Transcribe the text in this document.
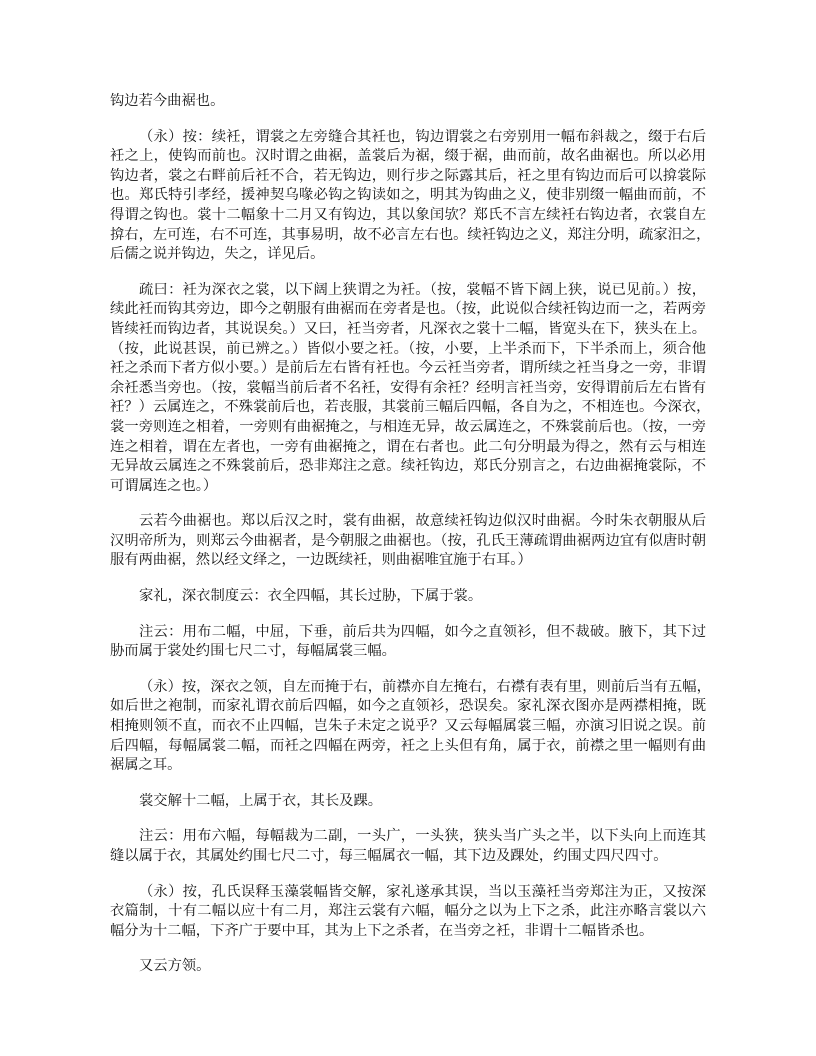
钩边若今曲裾也。
（永）按：续衽，谓裳之左旁缝合其衽也，钩边谓裳之右旁别用一幅布斜裁之，缀于右后
衽之上，使钩而前也。汉时谓之曲裾，盖裳后为裾，缀于裾，曲而前，故名曲裾也。所以必用
钩边者，裳之右畔前后衽不合，若无钩边，则行步之际露其后，衽之里有钩边而后可以揜裳际
也。郑氏特引孝经，援神契乌喙必钩之钩读如之，明其为钩曲之义，使非别缀一幅曲而前，不
得谓之钩也。裳十二幅象十二月又有钩边，其以象闰欤？郑氏不言左续衽右钩边者，衣裳自左
揜右，左可连，右不可连，其事易明，故不必言左右也。续衽钩边之义，郑注分明，疏家汨之，
后儒之说并钩边，失之，详见后。
疏曰：衽为深衣之裳，以下阔上狭谓之为衽。（按，裳幅不皆下阔上狭，说已见前。）按，
续此衽而钩其旁边，即今之朝服有曲裾而在旁者是也。（按，此说似合续衽钩边而一之，若两旁
皆续衽而钩边者，其说误矣。）又曰，衽当旁者，凡深衣之裳十二幅，皆宽头在下，狭头在上。
（按，此说甚误，前已辨之。）皆似小要之衽。（按，小要，上半杀而下，下半杀而上，须合他
衽之杀而下者方似小要。）是前后左右皆有衽也。今云衽当旁者，谓所续之衽当身之一旁，非谓
余衽悉当旁也。（按，裳幅当前后者不名衽，安得有余衽？经明言衽当旁，安得谓前后左右皆有
衽？）云属连之，不殊裳前后也，若丧服，其裳前三幅后四幅，各自为之，不相连也。今深衣，
裳一旁则连之相着，一旁则有曲裾掩之，与相连无异，故云属连之，不殊裳前后也。（按，一旁
连之相着，谓在左者也，一旁有曲裾掩之，谓在右者也。此二句分明最为得之，然有云与相连
无异故云属连之不殊裳前后，恐非郑注之意。续衽钩边，郑氏分别言之，右边曲裾掩裳际，不
可谓属连之也。）
云若今曲裾也。郑以后汉之时，裳有曲裾，故意续衽钩边似汉时曲裾。今时朱衣朝服从后
汉明帝所为，则郑云今曲裾者，是今朝服之曲裾也。（按，孔氏王薄疏谓曲裾两边宜有似唐时朝
服有两曲裾，然以经文绎之，一边既续衽，则曲裾唯宜施于右耳。）
家礼，深衣制度云：衣全四幅，其长过胁，下属于裳。
注云：用布二幅，中屈，下垂，前后共为四幅，如今之直领衫，但不裁破。腋下，其下过
胁而属于裳处约围七尺二寸，每幅属裳三幅。
（永）按，深衣之领，自左而掩于右，前襟亦自左掩右，右襟有表有里，则前后当有五幅，
如后世之袍制，而家礼谓衣前后四幅，如今之直领衫，恐误矣。家礼深衣图亦是两襟相掩，既
相掩则领不直，而衣不止四幅，岂朱子未定之说乎？又云每幅属裳三幅，亦演习旧说之误。前
后四幅，每幅属裳二幅，而衽之四幅在两旁，衽之上头但有角，属于衣，前襟之里一幅则有曲
裾属之耳。
裳交解十二幅，上属于衣，其长及踝。
注云：用布六幅，每幅裁为二副，一头广，一头狭，狭头当广头之半，以下头向上而连其
缝以属于衣，其属处约围七尺二寸，每三幅属衣一幅，其下边及踝处，约围丈四尺四寸。
（永）按，孔氏误释玉藻裳幅皆交解，家礼遂承其误，当以玉藻衽当旁郑注为正，又按深
衣篇制，十有二幅以应十有二月，郑注云裳有六幅，幅分之以为上下之杀，此注亦略言裳以六
幅分为十二幅，下齐广于要中耳，其为上下之杀者，在当旁之衽，非谓十二幅皆杀也。
又云方领。
